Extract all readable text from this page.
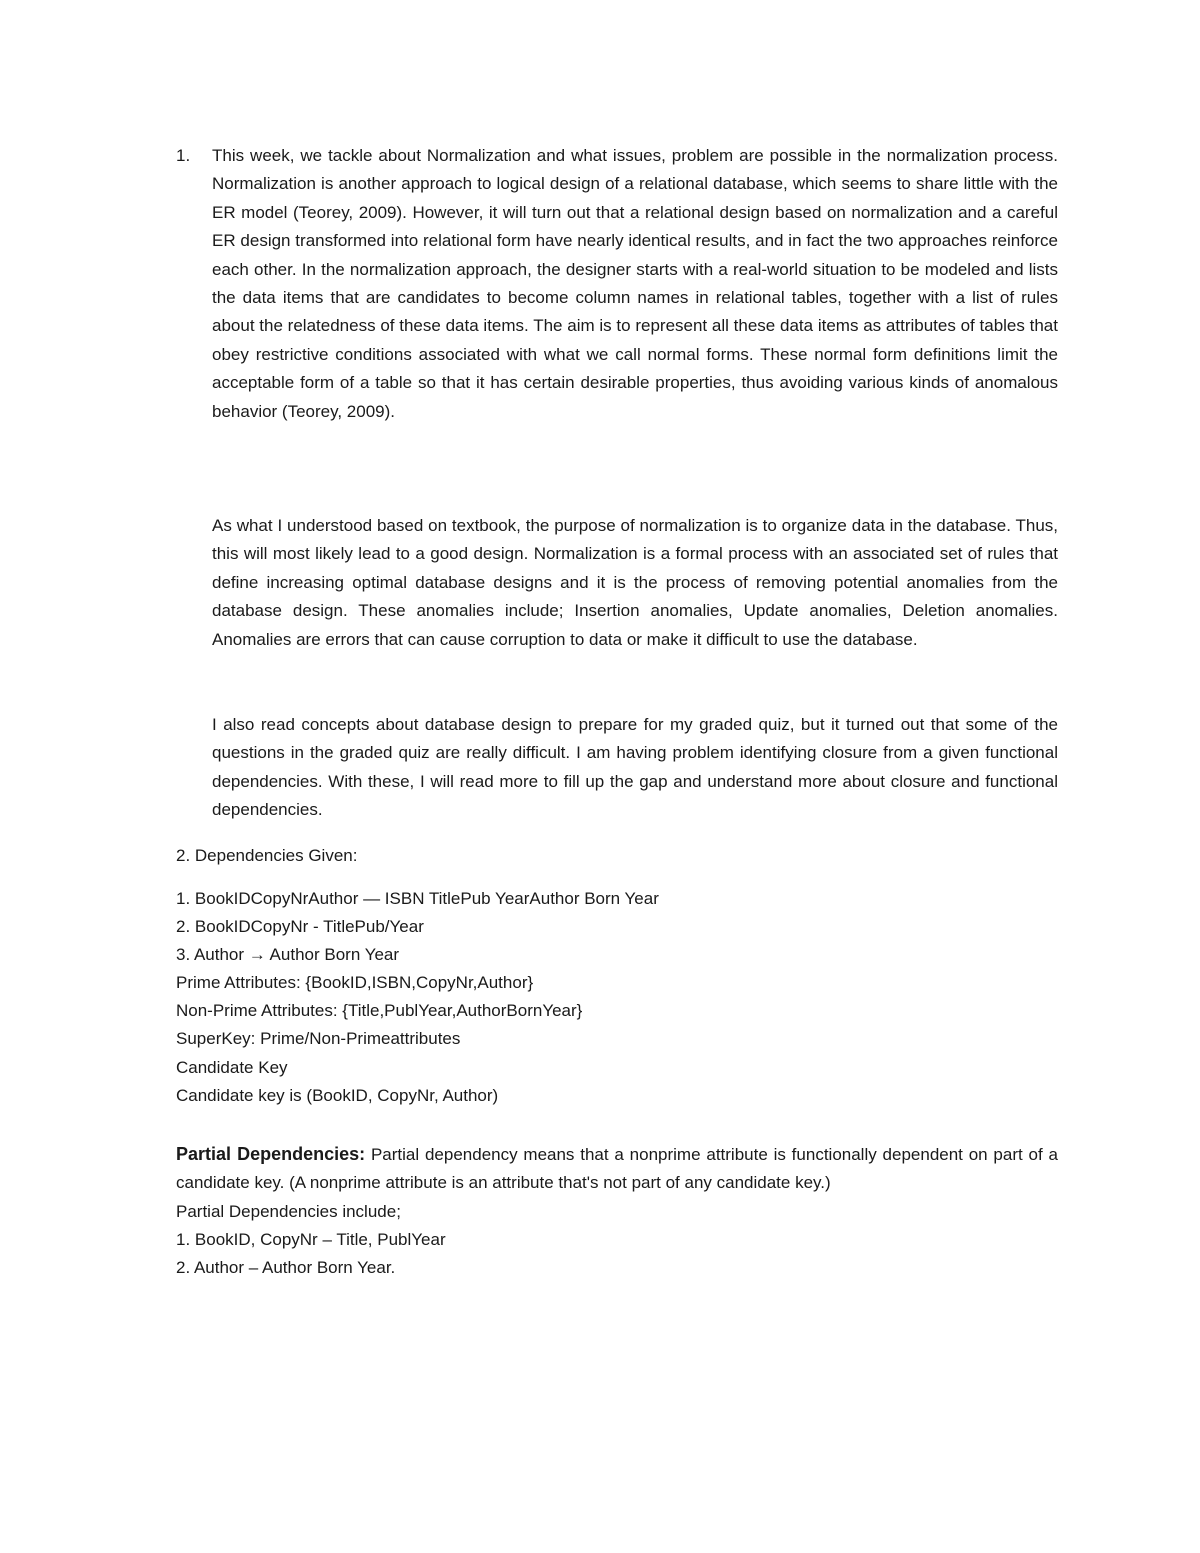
1. This week, we tackle about Normalization and what issues, problem are possible in the normalization process. Normalization is another approach to logical design of a relational database, which seems to share little with the ER model (Teorey, 2009). However, it will turn out that a relational design based on normalization and a careful ER design transformed into relational form have nearly identical results, and in fact the two approaches reinforce each other. In the normalization approach, the designer starts with a real-world situation to be modeled and lists the data items that are candidates to become column names in relational tables, together with a list of rules about the relatedness of these data items. The aim is to represent all these data items as attributes of tables that obey restrictive conditions associated with what we call normal forms. These normal form definitions limit the acceptable form of a table so that it has certain desirable properties, thus avoiding various kinds of anomalous behavior (Teorey, 2009).
As what I understood based on textbook, the purpose of normalization is to organize data in the database. Thus, this will most likely lead to a good design. Normalization is a formal process with an associated set of rules that define increasing optimal database designs and it is the process of removing potential anomalies from the database design. These anomalies include; Insertion anomalies, Update anomalies, Deletion anomalies. Anomalies are errors that can cause corruption to data or make it difficult to use the database.
I also read concepts about database design to prepare for my graded quiz, but it turned out that some of the questions in the graded quiz are really difficult. I am having problem identifying closure from a given functional dependencies. With these, I will read more to fill up the gap and understand more about closure and functional dependencies.
2. Dependencies Given:
1. BookIDCopyNrAuthor — ISBN TitlePub YearAuthor Born Year
2. BookIDCopyNr - TitlePub/Year
3. Author → Author Born Year
Prime Attributes: {BookID,ISBN,CopyNr,Author}
Non-Prime Attributes: {Title,PublYear,AuthorBornYear}
SuperKey: Prime/Non-Primeattributes
Candidate Key
Candidate key is (BookID, CopyNr, Author)
Partial Dependencies: Partial dependency means that a nonprime attribute is functionally dependent on part of a candidate key. (A nonprime attribute is an attribute that's not part of any candidate key.)
Partial Dependencies include;
1. BookID, CopyNr – Title, PublYear
2. Author – Author Born Year.
